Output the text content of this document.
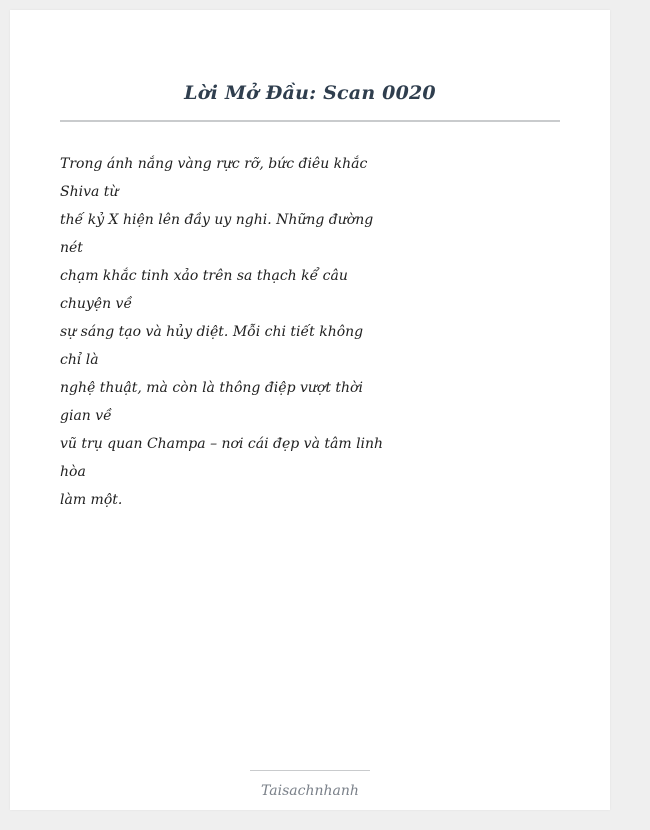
Lời Mở Đầu: Scan 0020
Trong ánh nắng vàng rực rỡ, bức điêu khắc
Shiva từ
thế kỷ X hiện lên đầy uy nghi. Những đường
nét
chạm khắc tinh xảo trên sa thạch kể câu
chuyện về
sự sáng tạo và hủy diệt. Mỗi chi tiết không
chỉ là
nghệ thuật, mà còn là thông điệp vượt thời
gian về
vũ trụ quan Champa – nơi cái đẹp và tâm linh
hòa
làm một.
Taisachnhanh
